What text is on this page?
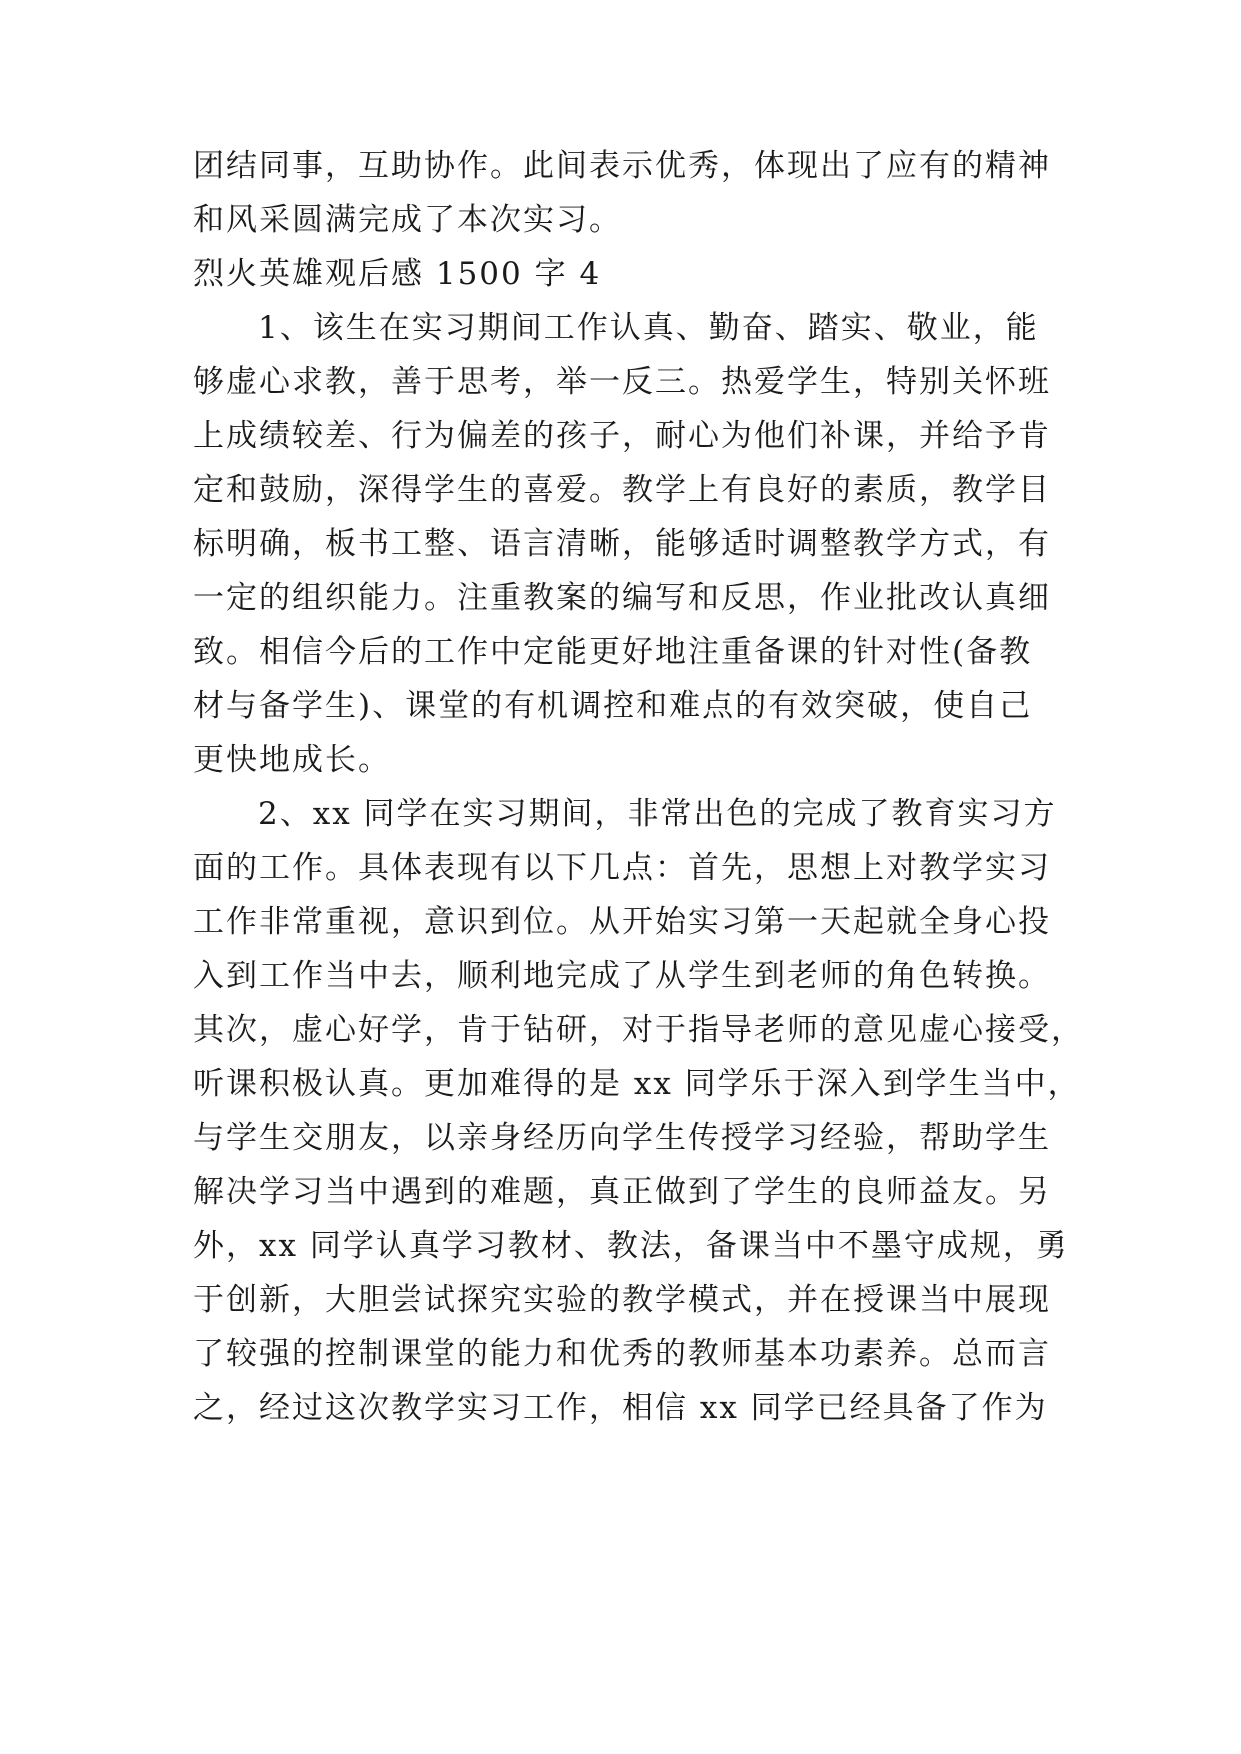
团结同事，互助协作。此间表示优秀，体现出了应有的精神
和风采圆满完成了本次实习。
烈火英雄观后感 1500 字 4
1、该生在实习期间工作认真、勤奋、踏实、敬业，能
够虚心求教，善于思考，举一反三。热爱学生，特别关怀班
上成绩较差、行为偏差的孩子，耐心为他们补课，并给予肯
定和鼓励，深得学生的喜爱。教学上有良好的素质，教学目
标明确，板书工整、语言清晰，能够适时调整教学方式，有
一定的组织能力。注重教案的编写和反思，作业批改认真细
致。相信今后的工作中定能更好地注重备课的针对性(备教
材与备学生)、课堂的有机调控和难点的有效突破，使自己
更快地成长。
2、xx 同学在实习期间，非常出色的完成了教育实习方
面的工作。具体表现有以下几点：首先，思想上对教学实习
工作非常重视，意识到位。从开始实习第一天起就全身心投
入到工作当中去，顺利地完成了从学生到老师的角色转换。
其次，虚心好学，肯于钻研，对于指导老师的意见虚心接受，
听课积极认真。更加难得的是 xx 同学乐于深入到学生当中，
与学生交朋友，以亲身经历向学生传授学习经验，帮助学生
解决学习当中遇到的难题，真正做到了学生的良师益友。另
外，xx 同学认真学习教材、教法，备课当中不墨守成规，勇
于创新，大胆尝试探究实验的教学模式，并在授课当中展现
了较强的控制课堂的能力和优秀的教师基本功素养。总而言
之，经过这次教学实习工作，相信 xx 同学已经具备了作为
